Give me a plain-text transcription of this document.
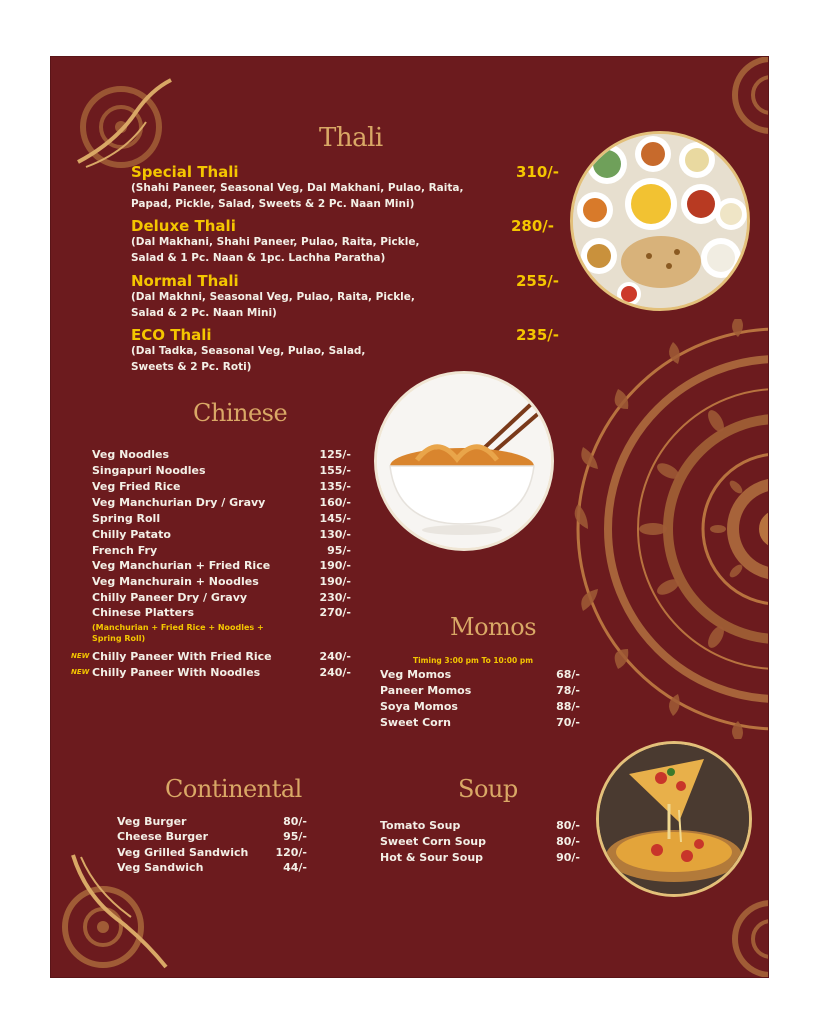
Thali
Special Thali	310/-
(Shahi Paneer, Seasonal Veg, Dal Makhani, Pulao, Raita, Papad, Pickle, Salad, Sweets & 2 Pc. Naan Mini)
Deluxe Thali	280/-
(Dal Makhani, Shahi Paneer, Pulao, Raita, Pickle, Salad & 1 Pc. Naan & 1pc. Lachha Paratha)
Normal Thali	255/-
(Dal Makhni, Seasonal Veg, Pulao, Raita, Pickle, Salad & 2 Pc. Naan Mini)
ECO Thali	235/-
(Dal Tadka, Seasonal Veg, Pulao, Salad, Sweets & 2 Pc. Roti)
Chinese
Veg Noodles	125/-
Singapuri Noodles	155/-
Veg Fried Rice	135/-
Veg Manchurian Dry / Gravy	160/-
Spring Roll	145/-
Chilly Patato	130/-
French Fry	95/-
Veg Manchurian + Fried Rice	190/-
Veg Manchurain + Noodles	190/-
Chilly Paneer Dry / Gravy	230/-
Chinese Platters	270/-
(Manchurian + Fried Rice + Noodles + Spring Roll)
NEW Chilly Paneer With Fried Rice	240/-
NEW Chilly Paneer With Noodles	240/-
Momos
Timing 3:00 pm To 10:00 pm
Veg Momos	68/-
Paneer Momos	78/-
Soya Momos	88/-
Sweet Corn	70/-
Continental
Veg Burger	80/-
Cheese Burger	95/-
Veg Grilled Sandwich 120/-
Veg Sandwich	44/-
Soup
Tomato Soup	80/-
Sweet Corn Soup	80/-
Hot & Sour Soup	90/-
